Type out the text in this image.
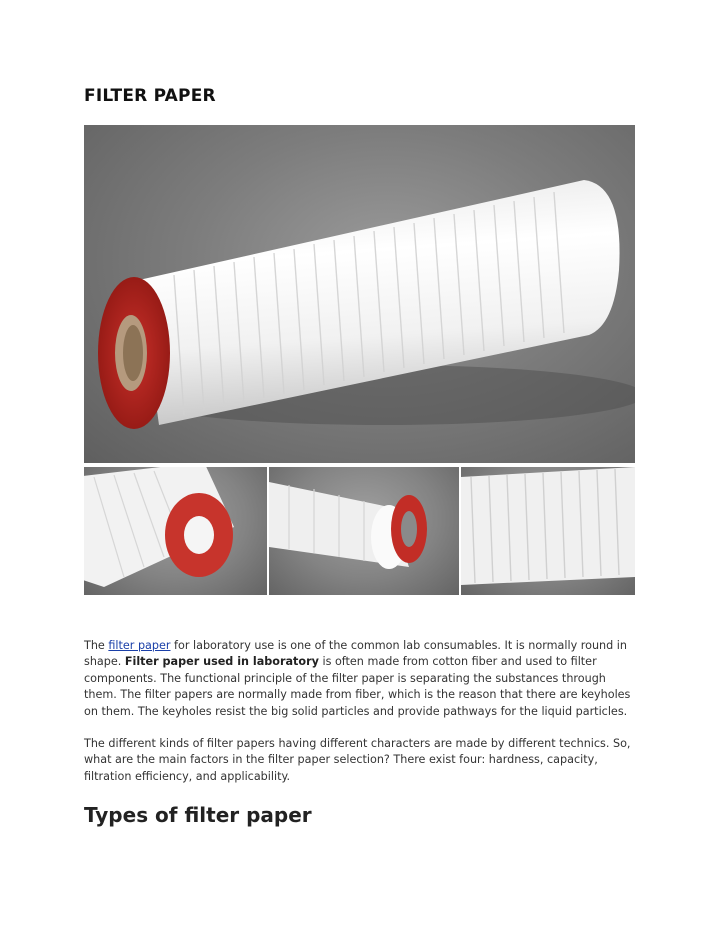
FILTER PAPER

The filter paper for laboratory use is one of the common lab consumables. It is normally round in shape. Filter paper used in laboratory is often made from cotton fiber and used to filter components. The functional principle of the filter paper is separating the substances through them. The filter papers are normally made from fiber, which is the reason that there are keyholes on them. The keyholes resist the big solid particles and provide pathways for the liquid particles.

The different kinds of filter papers having different characters are made by different technics. So, what are the main factors in the filter paper selection? There exist four: hardness, capacity, filtration efficiency, and applicability.

Types of filter paper
